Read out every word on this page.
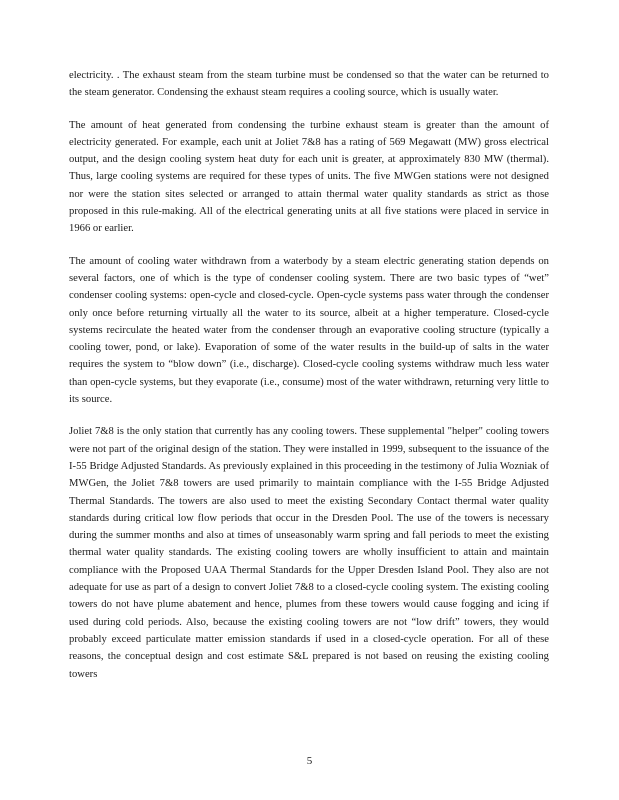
electricity. . The exhaust steam from the steam turbine must be condensed so that the water can be returned to the steam generator. Condensing the exhaust steam requires a cooling source, which is usually water.

The amount of heat generated from condensing the turbine exhaust steam is greater than the amount of electricity generated. For example, each unit at Joliet 7&8 has a rating of 569 Megawatt (MW) gross electrical output, and the design cooling system heat duty for each unit is greater, at approximately 830 MW (thermal). Thus, large cooling systems are required for these types of units. The five MWGen stations were not designed nor were the station sites selected or arranged to attain thermal water quality standards as strict as those proposed in this rule-making. All of the electrical generating units at all five stations were placed in service in 1966 or earlier.

The amount of cooling water withdrawn from a waterbody by a steam electric generating station depends on several factors, one of which is the type of condenser cooling system. There are two basic types of “wet” condenser cooling systems: open-cycle and closed-cycle. Open-cycle systems pass water through the condenser only once before returning virtually all the water to its source, albeit at a higher temperature. Closed-cycle systems recirculate the heated water from the condenser through an evaporative cooling structure (typically a cooling tower, pond, or lake). Evaporation of some of the water results in the build-up of salts in the water requires the system to “blow down” (i.e., discharge). Closed-cycle cooling systems withdraw much less water than open-cycle systems, but they evaporate (i.e., consume) most of the water withdrawn, returning very little to its source.

Joliet 7&8 is the only station that currently has any cooling towers. These supplemental "helper" cooling towers were not part of the original design of the station. They were installed in 1999, subsequent to the issuance of the I-55 Bridge Adjusted Standards. As previously explained in this proceeding in the testimony of Julia Wozniak of MWGen, the Joliet 7&8 towers are used primarily to maintain compliance with the I-55 Bridge Adjusted Thermal Standards. The towers are also used to meet the existing Secondary Contact thermal water quality standards during critical low flow periods that occur in the Dresden Pool. The use of the towers is necessary during the summer months and also at times of unseasonably warm spring and fall periods to meet the existing thermal water quality standards. The existing cooling towers are wholly insufficient to attain and maintain compliance with the Proposed UAA Thermal Standards for the Upper Dresden Island Pool. They also are not adequate for use as part of a design to convert Joliet 7&8 to a closed-cycle cooling system. The existing cooling towers do not have plume abatement and hence, plumes from these towers would cause fogging and icing if used during cold periods. Also, because the existing cooling towers are not “low drift” towers, they would probably exceed particulate matter emission standards if used in a closed-cycle operation. For all of these reasons, the conceptual design and cost estimate S&L prepared is not based on reusing the existing cooling towers

5
